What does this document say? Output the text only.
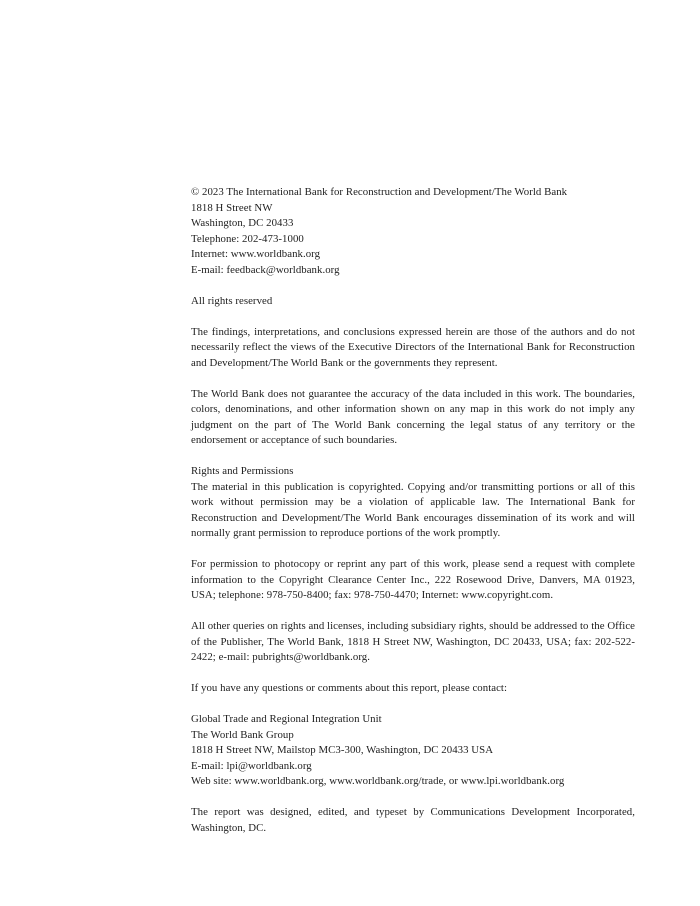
© 2023 The International Bank for Reconstruction and Development/The World Bank
1818 H Street NW
Washington, DC 20433
Telephone: 202-473-1000
Internet: www.worldbank.org
E-mail: feedback@worldbank.org

All rights reserved

The findings, interpretations, and conclusions expressed herein are those of the authors and do not necessarily reflect the views of the Executive Directors of the International Bank for Reconstruction and Development/The World Bank or the governments they represent.

The World Bank does not guarantee the accuracy of the data included in this work. The boundaries, colors, denominations, and other information shown on any map in this work do not imply any judgment on the part of The World Bank concerning the legal status of any territory or the endorsement or acceptance of such boundaries.

Rights and Permissions
The material in this publication is copyrighted. Copying and/or transmitting portions or all of this work without permission may be a violation of applicable law. The International Bank for Reconstruction and Development/The World Bank encourages dissemination of its work and will normally grant permission to reproduce portions of the work promptly.

For permission to photocopy or reprint any part of this work, please send a request with complete information to the Copyright Clearance Center Inc., 222 Rosewood Drive, Danvers, MA 01923, USA; telephone: 978-750-8400; fax: 978-750-4470; Internet: www.copyright.com.

All other queries on rights and licenses, including subsidiary rights, should be addressed to the Office of the Publisher, The World Bank, 1818 H Street NW, Washington, DC 20433, USA; fax: 202-522-2422; e-mail: pubrights@worldbank.org.

If you have any questions or comments about this report, please contact:

Global Trade and Regional Integration Unit
The World Bank Group
1818 H Street NW, Mailstop MC3-300, Washington, DC 20433 USA
E-mail: lpi@worldbank.org
Web site: www.worldbank.org, www.worldbank.org/trade, or www.lpi.worldbank.org

The report was designed, edited, and typeset by Communications Development Incorporated, Washington, DC.
